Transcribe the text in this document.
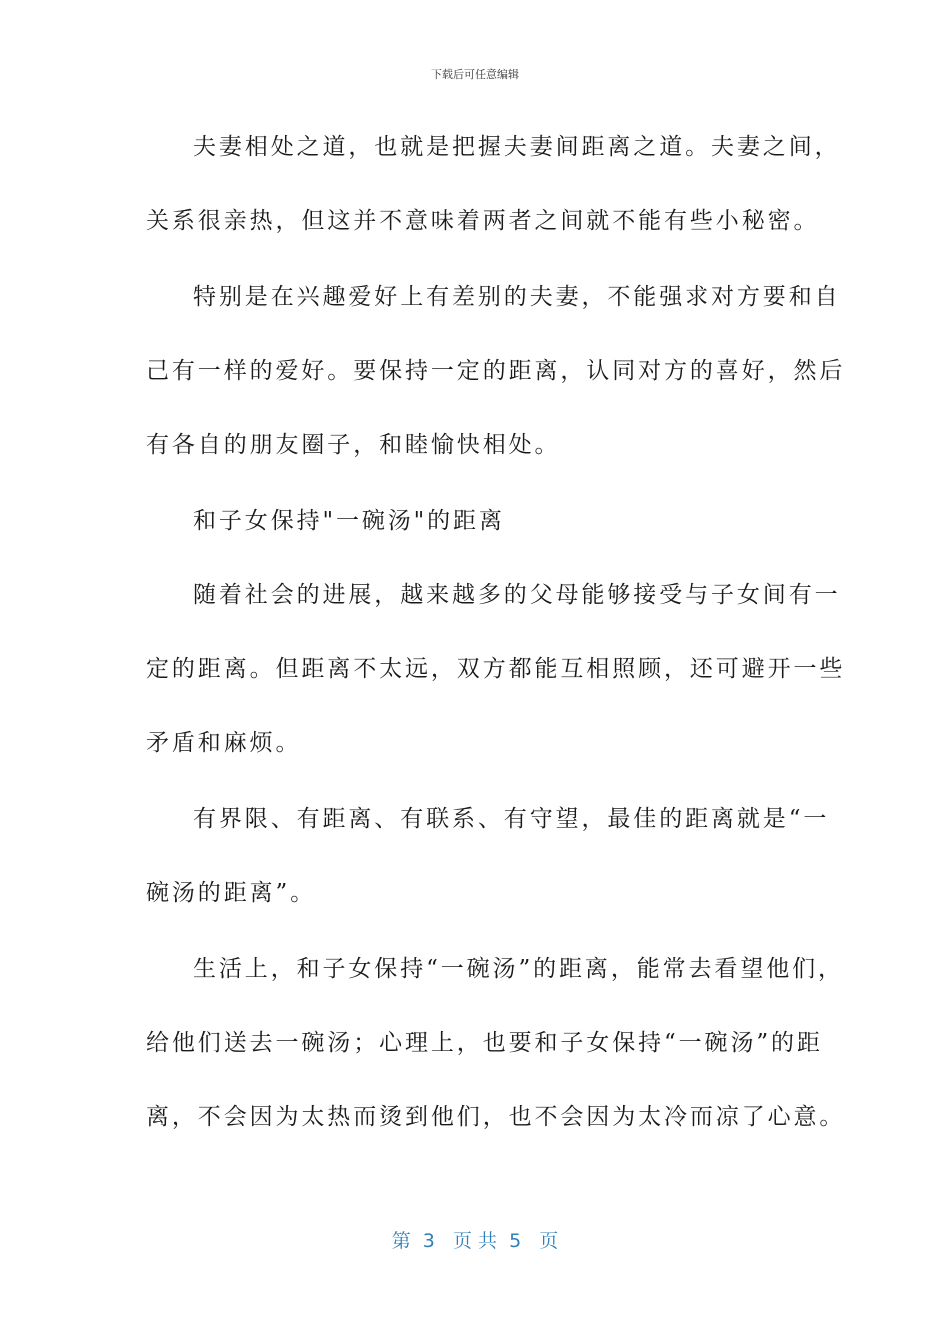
下载后可任意编辑
夫妻相处之道，也就是把握夫妻间距离之道。夫妻之间，
关系很亲热，但这并不意味着两者之间就不能有些小秘密。
特别是在兴趣爱好上有差别的夫妻，不能强求对方要和自
己有一样的爱好。要保持一定的距离，认同对方的喜好，然后
有各自的朋友圈子，和睦愉快相处。
和子女保持"一碗汤"的距离
随着社会的进展，越来越多的父母能够接受与子女间有一
定的距离。但距离不太远，双方都能互相照顾，还可避开一些
矛盾和麻烦。
有界限、有距离、有联系、有守望，最佳的距离就是“一
碗汤的距离”。
生活上，和子女保持“一碗汤”的距离，能常去看望他们，
给他们送去一碗汤；心理上，也要和子女保持“一碗汤”的距
离，不会因为太热而烫到他们，也不会因为太冷而凉了心意。
第  3   页 共  5   页
